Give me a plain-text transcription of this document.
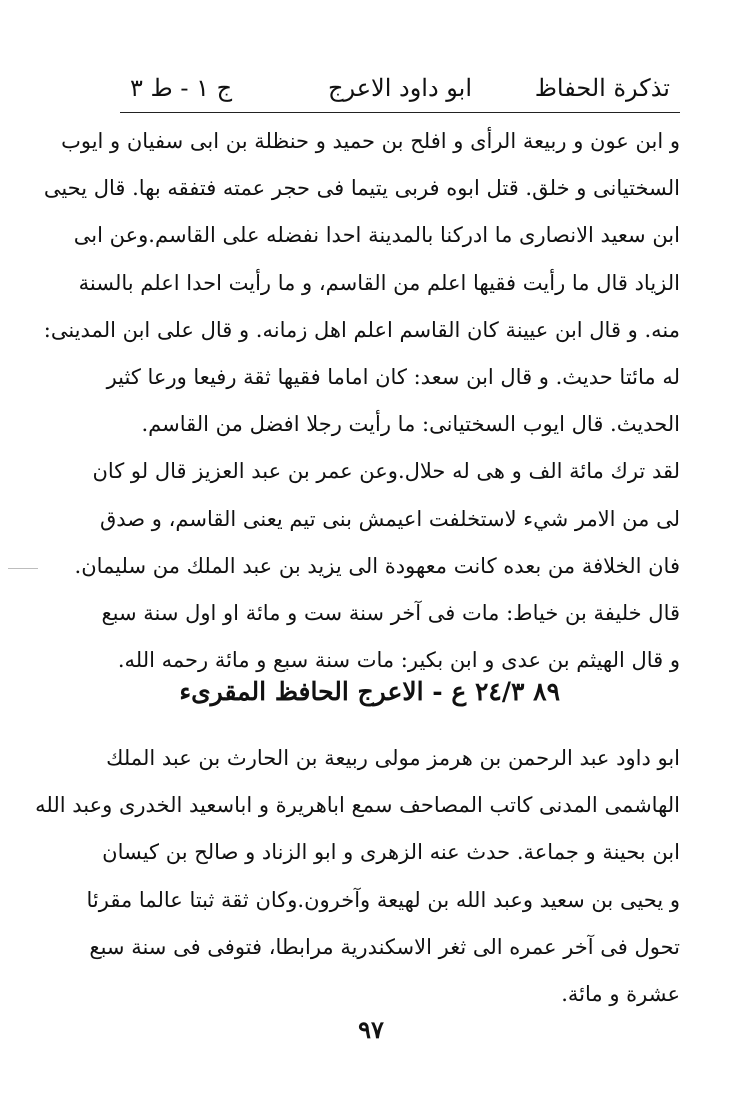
تذكرة الحفاظ
ابو داود الاعرج
ج ١ - ط ٣
و ابن عون و ربيعة الرأى و افلح بن حميد و حنظلة بن ابى سفيان و ايوب
السختيانى و خلق. قتل ابوه فربى يتيما فى حجر عمته فتفقه بها. قال يحيى
ابن سعيد الانصارى ما ادركنا بالمدينة احدا نفضله على القاسم.وعن ابى
الزياد قال ما رأيت فقيها اعلم من القاسم، و ما رأيت احدا اعلم بالسنة
منه. و قال ابن عيينة كان القاسم اعلم اهل زمانه. و قال على ابن المدينى:
له مائتا حديث. و قال ابن سعد: كان اماما فقيها ثقة رفيعا ورعا كثير
الحديث. قال ايوب السختيانى: ما رأيت رجلا افضل من القاسم.
لقد ترك مائة الف و هى له حلال.وعن عمر بن عبد العزيز قال لو كان
لى من الامر شيء لاستخلفت اعيمش بنى تيم يعنى القاسم، و صدق
فان الخلافة من بعده كانت معهودة الى يزيد بن عبد الملك من سليمان.
قال خليفة بن خياط: مات فى آخر سنة ست و مائة او اول سنة سبع
و قال الهيثم بن عدى و ابن بكير: مات سنة سبع و مائة رحمه الله.
٨٩ ٢٤/٣ ع - الاعرج الحافظ المقرىء
ابو داود عبد الرحمن بن هرمز مولى ربيعة بن الحارث بن عبد الملك
الهاشمى المدنى كاتب المصاحف سمع اباهريرة و اباسعيد الخدرى وعبد الله
ابن بحينة و جماعة. حدث عنه الزهرى و ابو الزناد و صالح بن كيسان
و يحيى بن سعيد وعبد الله بن لهيعة وآخرون.وكان ثقة ثبتا عالما مقرئا
تحول فى آخر عمره الى ثغر الاسكندرية مرابطا، فتوفى فى سنة سبع
عشرة و مائة.
٩٧
